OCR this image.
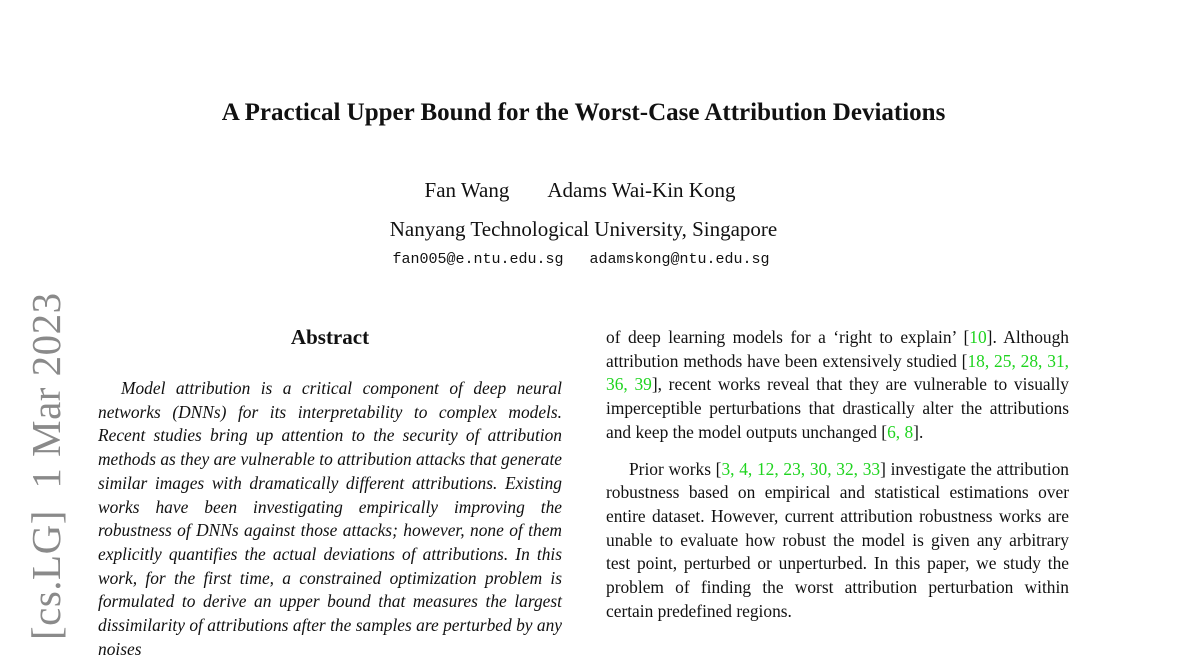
[cs.LG]  1 Mar 2023
A Practical Upper Bound for the Worst-Case Attribution Deviations
Fan Wang Adams Wai-Kin Kong
Nanyang Technological University, Singapore
fan005@e.ntu.edu.sg adamskong@ntu.edu.sg
Abstract

Model attribution is a critical component of deep neural networks (DNNs) for its interpretability to complex models. Recent studies bring up attention to the security of attribution methods as they are vulnerable to attribution attacks that generate similar images with dramatically different attributions. Existing works have been investigating empirically improving the robustness of DNNs against those attacks; however, none of them explicitly quantifies the actual deviations of attributions. In this work, for the first time, a constrained optimization problem is formulated to derive an upper bound that measures the largest dissimilarity of attributions after the samples are perturbed by any noises

of deep learning models for a ‘right to explain’ [10]. Although attribution methods have been extensively studied [18, 25, 28, 31, 36, 39], recent works reveal that they are vulnerable to visually imperceptible perturbations that drastically alter the attributions and keep the model outputs unchanged [6, 8].

Prior works [3, 4, 12, 23, 30, 32, 33] investigate the attribution robustness based on empirical and statistical estimations over entire dataset. However, current attribution robustness works are unable to evaluate how robust the model is given any arbitrary test point, perturbed or unperturbed. In this paper, we study the problem of finding the worst attribution perturbation within certain predefined regions.
